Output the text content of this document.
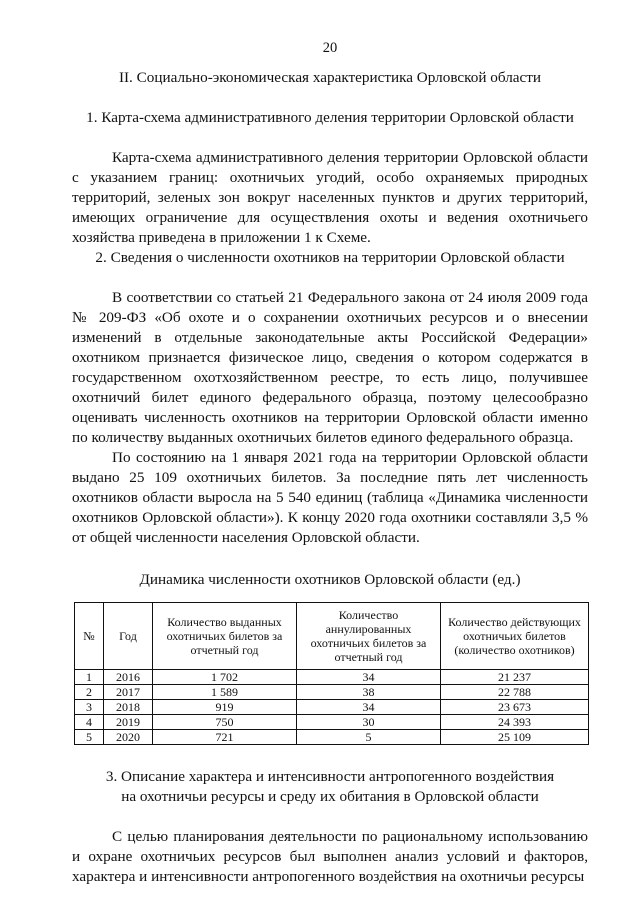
20
II. Социально-экономическая характеристика Орловской области
1. Карта-схема административного деления территории Орловской области

Карта-схема административного деления территории Орловской области с указанием границ: охотничьих угодий, особо охраняемых природных территорий, зеленых зон вокруг населенных пунктов и других территорий, имеющих ограничение для осуществления охоты и ведения охотничьего хозяйства приведена в приложении 1 к Схеме.

2. Сведения о численности охотников на территории Орловской области

В соответствии со статьей 21 Федерального закона от 24 июля 2009 года № 209-ФЗ «Об охоте и о сохранении охотничьих ресурсов и о внесении изменений в отдельные законодательные акты Российской Федерации» охотником признается физическое лицо, сведения о котором содержатся в государственном охотхозяйственном реестре, то есть лицо, получившее охотничий билет единого федерального образца, поэтому целесообразно оценивать численность охотников на территории Орловской области именно по количеству выданных охотничьих билетов единого федерального образца.

По состоянию на 1 января 2021 года на территории Орловской области выдано 25 109 охотничьих билетов. За последние пять лет численность охотников области выросла на 5 540 единиц (таблица «Динамика численности охотников Орловской области»). К концу 2020 года охотники составляли 3,5 % от общей численности населения Орловской области.

Динамика численности охотников Орловской области (ед.)
№	Год	Количество выданных охотничьих билетов за отчетный год	Количество аннулированных охотничьих билетов за отчетный год	Количество действующих охотничьих билетов (количество охотников)
1	2016	1 702	34	21 237
2	2017	1 589	38	22 788
3	2018	919	34	23 673
4	2019	750	30	24 393
5	2020	721	5	25 109
3. Описание характера и интенсивности антропогенного воздействия
на охотничьи ресурсы и среду их обитания в Орловской области

С целью планирования деятельности по рациональному использованию и охране охотничьих ресурсов был выполнен анализ условий и факторов, характера и интенсивности антропогенного воздействия на охотничьи ресурсы
